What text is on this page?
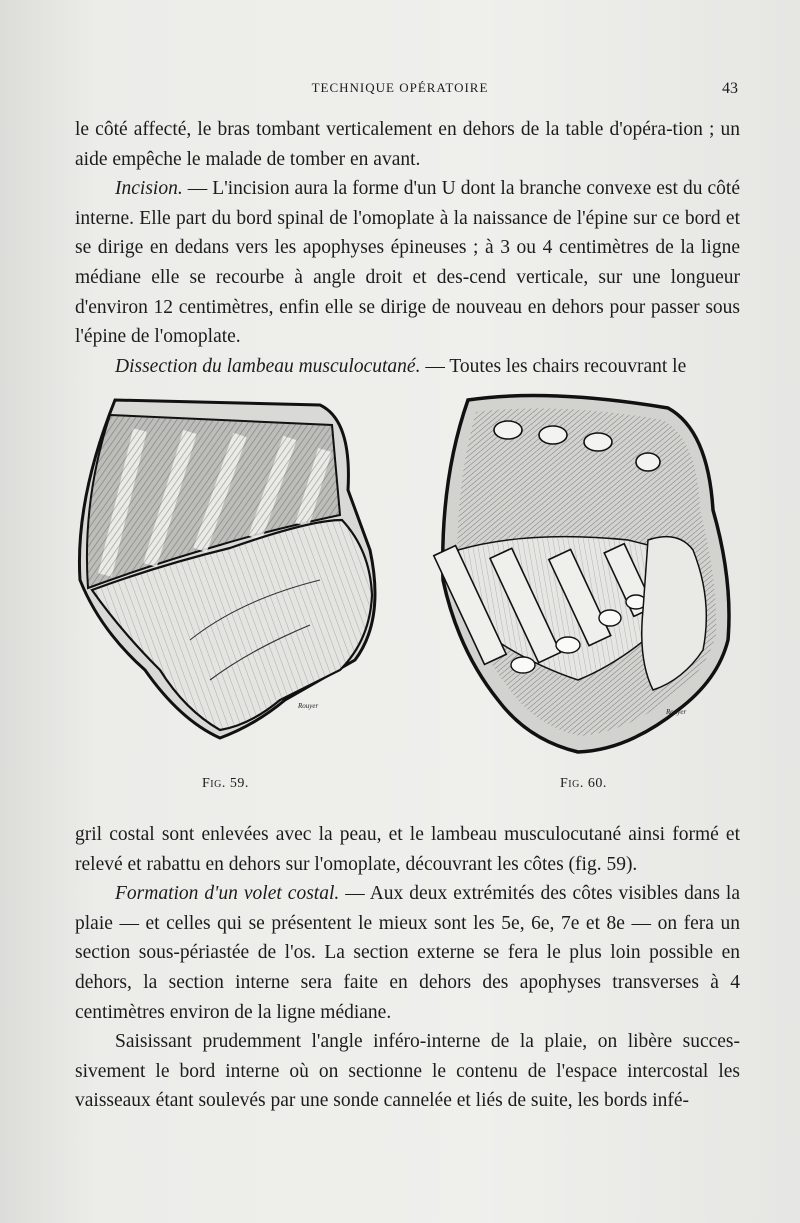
TECHNIQUE OPÉRATOIRE	43

le côté affecté, le bras tombant verticalement en dehors de la table d'opéra-tion ; un aide empêche le malade de tomber en avant.

Incision. — L'incision aura la forme d'un U dont la branche convexe est du côté interne. Elle part du bord spinal de l'omoplate à la naissance de l'épine sur ce bord et se dirige en dedans vers les apophyses épineuses ; à 3 ou 4 centimètres de la ligne médiane elle se recourbe à angle droit et des-cend verticale, sur une longueur d'environ 12 centimètres, enfin elle se dirige de nouveau en dehors pour passer sous l'épine de l'omoplate.

Dissection du lambeau musculocutané. — Toutes les chairs recouvrant le

Rouyer
Rouyer
Fig. 59.	Fig. 60.

gril costal sont enlevées avec la peau, et le lambeau musculocutané ainsi formé et relevé et rabattu en dehors sur l'omoplate, découvrant les côtes (fig. 59).

Formation d'un volet costal. — Aux deux extrémités des côtes visibles dans la plaie — et celles qui se présentent le mieux sont les 5e, 6e, 7e et 8e — on fera un section sous-périastée de l'os. La section externe se fera le plus loin possible en dehors, la section interne sera faite en dehors des apophyses transverses à 4 centimètres environ de la ligne médiane.

Saisissant prudemment l'angle inféro-interne de la plaie, on libère succes-sivement le bord interne où on sectionne le contenu de l'espace intercostal les vaisseaux étant soulevés par une sonde cannelée et liés de suite, les bords infé-
